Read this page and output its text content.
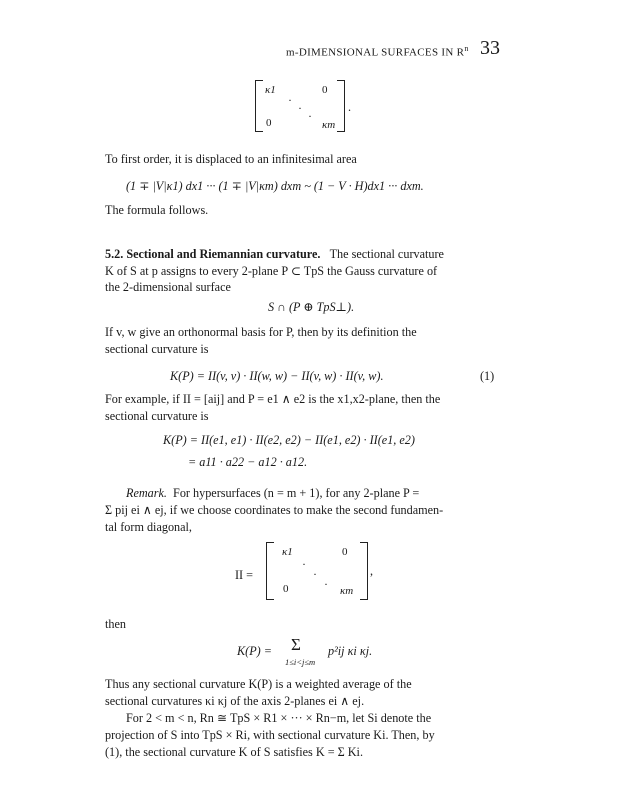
m-DIMENSIONAL SURFACES IN $R^n$ 33
κ1	0
0	κm
·
·
·
.
To first order, it is displaced to an infinitesimal area
(1 ∓ |V|κ1) dx1 ··· (1 ∓ |V|κm) dxm ~ (1 − V · H)dx1 ··· dxm.
The formula follows.
5.2. Sectional and Riemannian curvature. The sectional curvature
K of S at p assigns to every 2-plane P ⊂ TpS the Gauss curvature of
the 2-dimensional surface
S ∩ (P ⊕ TpS⊥).
If v, w give an orthonormal basis for P, then by its definition the
sectional curvature is
K(P) = II(v, v) · II(w, w) − II(v, w) · II(v, w).	(1)
For example, if II = [aij] and P = e1 ∧ e2 is the x1,x2-plane, then the
sectional curvature is
K(P) = II(e1, e1) · II(e2, e2) − II(e1, e2) · II(e1, e2)
= a11 · a22 − a12 · a12.
Remark. For hypersurfaces (n = m + 1), for any 2-plane P =
Σ pij ei ∧ ej, if we choose coordinates to make the second fundamen-
tal form diagonal,
II =
κ1	0
0	κm
·
·
·
,
then
K(P) = Σ
1≤i<j≤m
p²ij κi κj.
Thus any sectional curvature K(P) is a weighted average of the
sectional curvatures κi κj of the axis 2-planes ei ∧ ej.
For 2 < m < n, Rn ≅ TpS × R1 × ··· × Rn−m, let Si denote the
projection of S into TpS × Ri, with sectional curvature Ki. Then, by
(1), the sectional curvature K of S satisfies K = Σ Ki.
